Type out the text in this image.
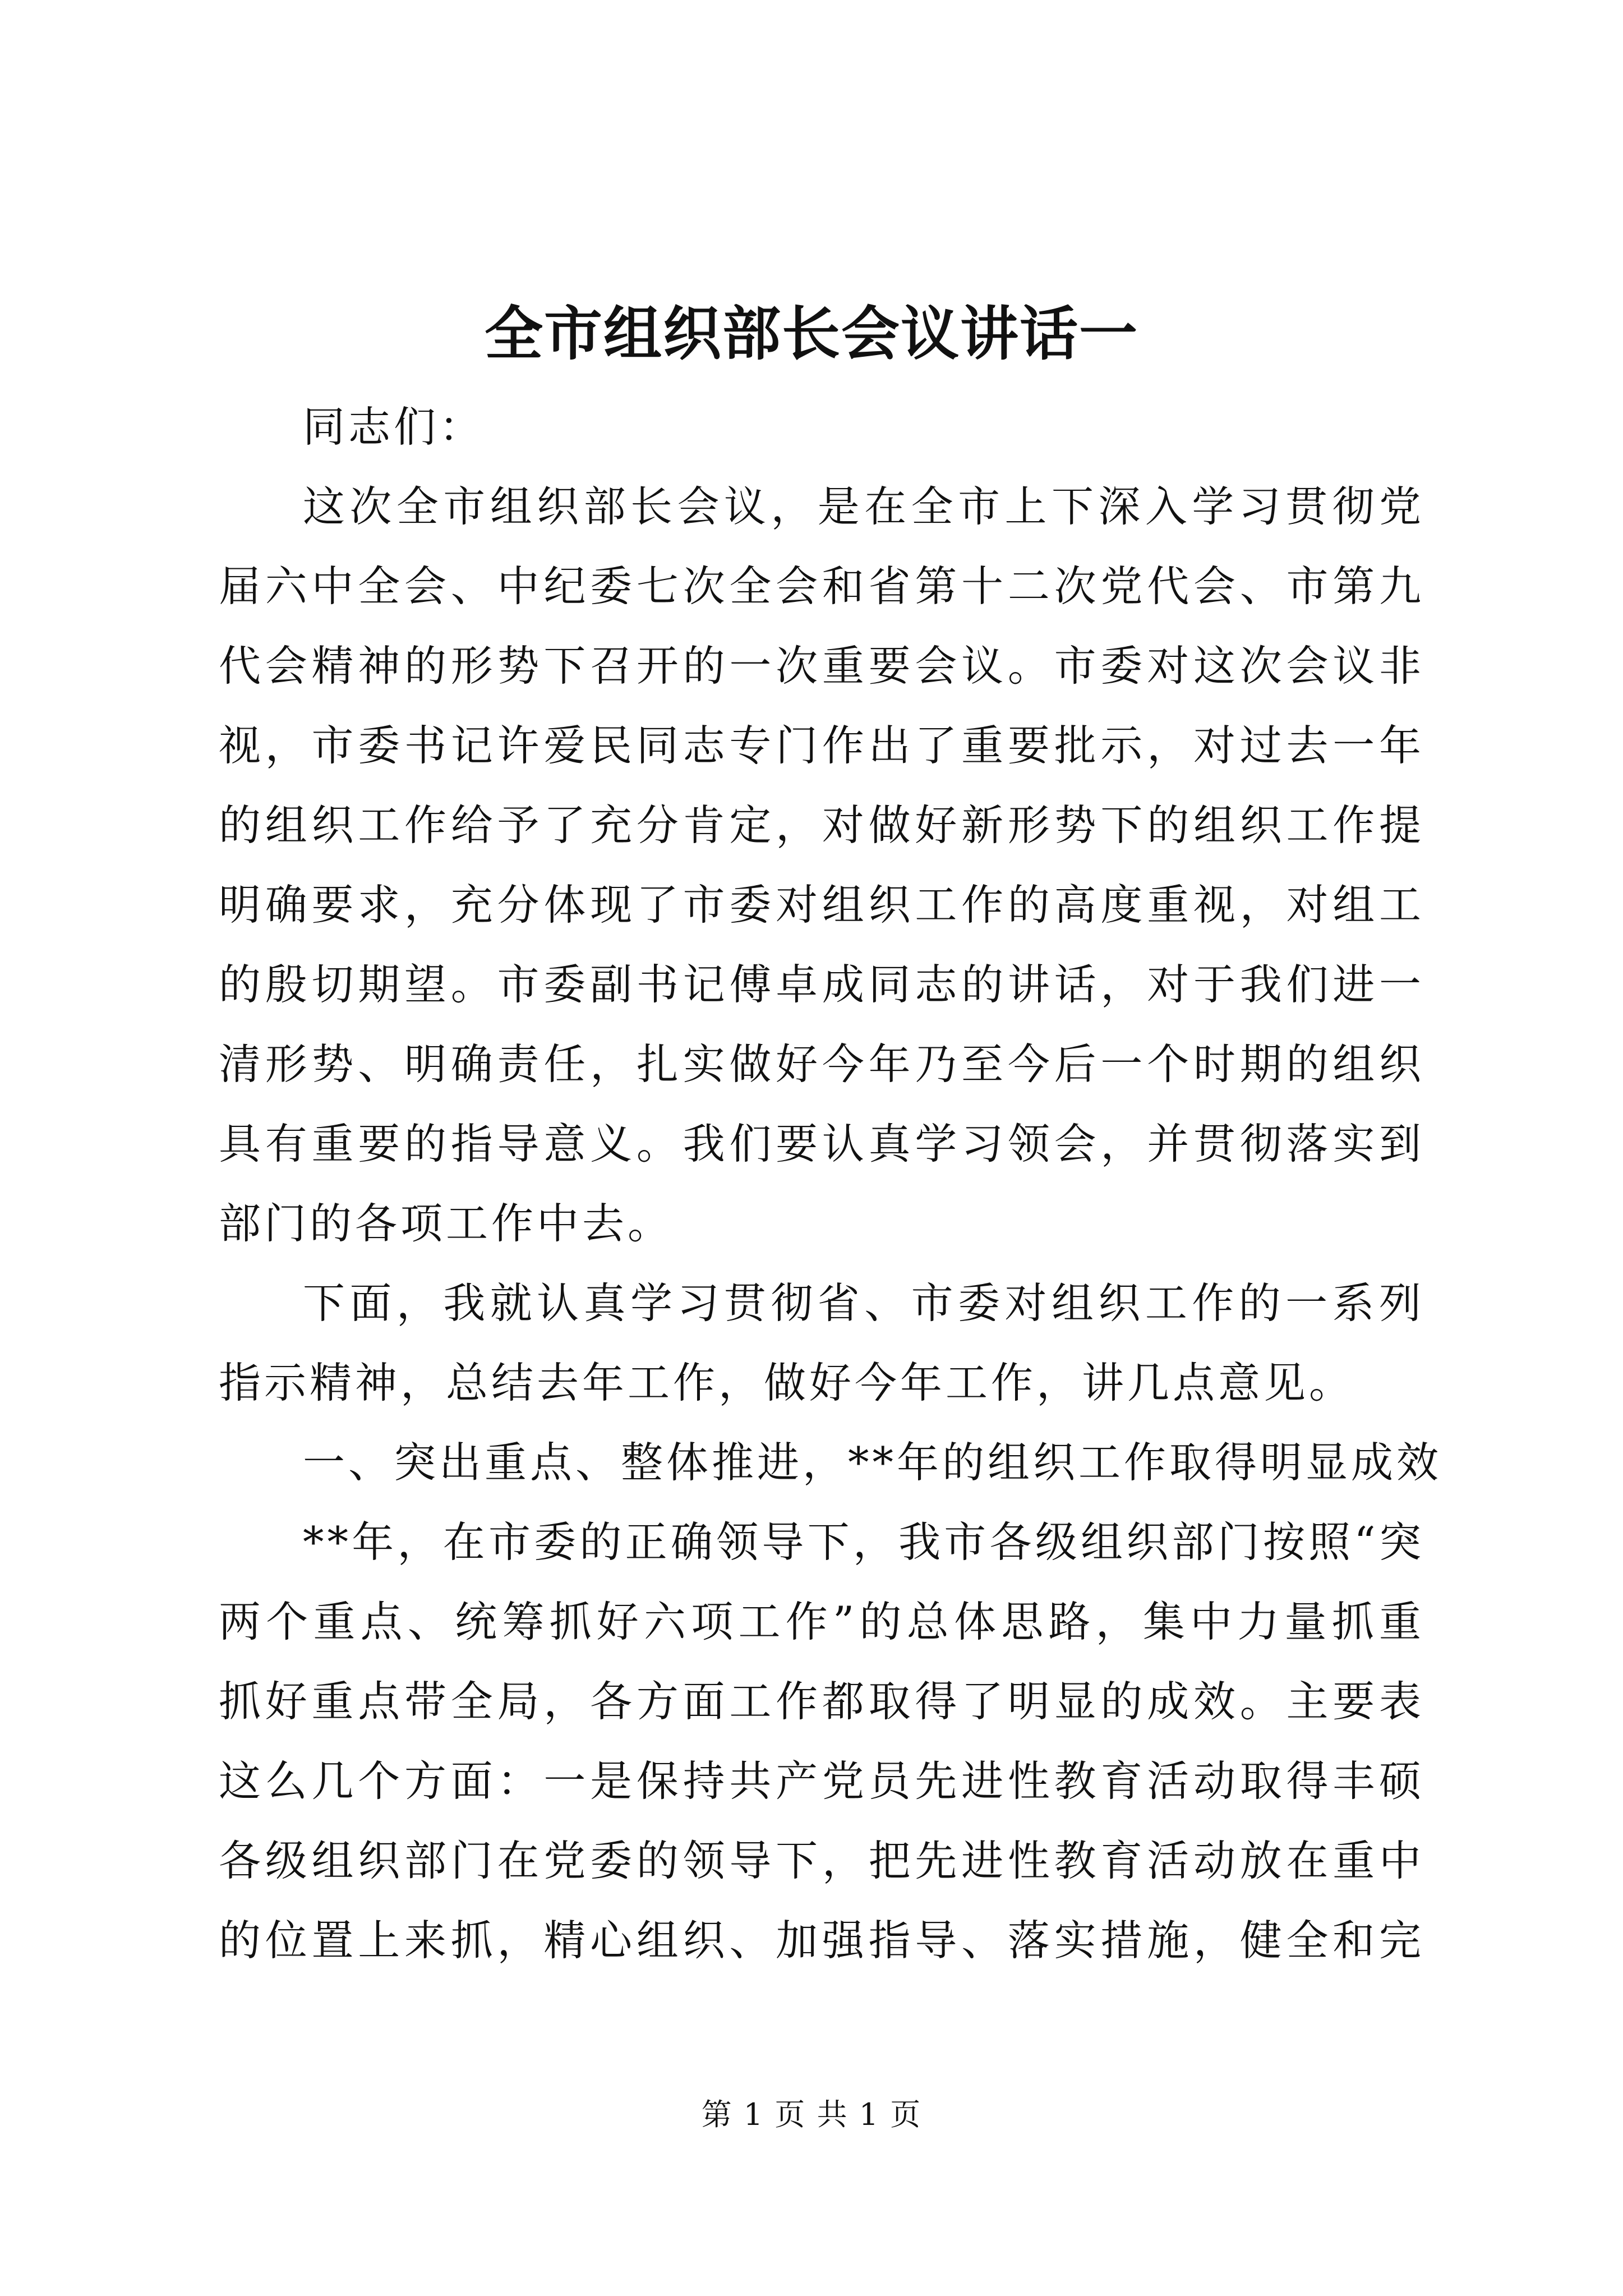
全市组织部长会议讲话一
同志们：
这次全市组织部长会议，是在全市上下深入学习贯彻党
届六中全会、中纪委七次全会和省第十二次党代会、市第九
代会精神的形势下召开的一次重要会议。市委对这次会议非
视，市委书记许爱民同志专门作出了重要批示，对过去一年
的组织工作给予了充分肯定，对做好新形势下的组织工作提
明确要求，充分体现了市委对组织工作的高度重视，对组工
的殷切期望。市委副书记傅卓成同志的讲话，对于我们进一
清形势、明确责任，扎实做好今年乃至今后一个时期的组织
具有重要的指导意义。我们要认真学习领会，并贯彻落实到
部门的各项工作中去。
下面，我就认真学习贯彻省、市委对组织工作的一系列
指示精神，总结去年工作，做好今年工作，讲几点意见。
一、突出重点、整体推进，**年的组织工作取得明显成效
**年，在市委的正确领导下，我市各级组织部门按照“突
两个重点、统筹抓好六项工作”的总体思路，集中力量抓重
抓好重点带全局，各方面工作都取得了明显的成效。主要表
这么几个方面：一是保持共产党员先进性教育活动取得丰硕
各级组织部门在党委的领导下，把先进性教育活动放在重中
的位置上来抓，精心组织、加强指导、落实措施，健全和完
第 1 页 共 1 页
